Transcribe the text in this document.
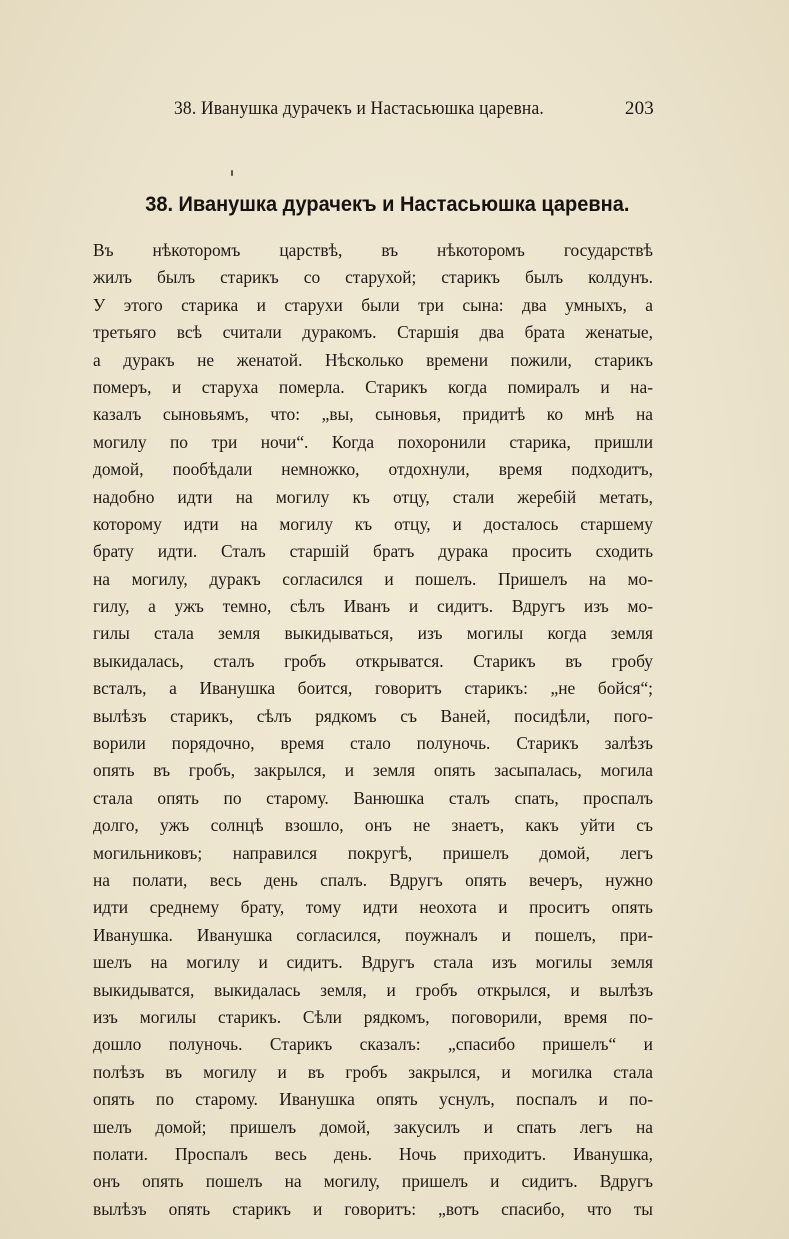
38. Иванушка дурачекъ и Настасьюшка царевна.	203
38. Иванушка дурачекъ и Настасьюшка царевна.
Въ нѣкоторомъ царствѣ, въ нѣкоторомъ государствѣ
жилъ былъ старикъ со старухой; старикъ былъ колдунъ.
У этого старика и старухи были три сына: два умныхъ, а
третьяго всѣ считали дуракомъ. Старшія два брата женатые,
а дуракъ не женатой. Нѣсколько времени пожили, старикъ
померъ, и старуха померла. Старикъ когда помиралъ и на-
казалъ сыновьямъ, что: „вы, сыновья, придитѣ ко мнѣ на
могилу по три ночи“. Когда похоронили старика, пришли
домой, пообѣдали немножко, отдохнули, время подходитъ,
надобно идти на могилу къ отцу, стали жеребій метать,
которому идти на могилу къ отцу, и досталось старшему
брату идти. Сталъ старшій братъ дурака просить сходить
на могилу, дуракъ согласился и пошелъ. Пришелъ на мо-
гилу, а ужъ темно, сѣлъ Иванъ и сидитъ. Вдругъ изъ мо-
гилы стала земля выкидываться, изъ могилы когда земля
выкидалась, сталъ гробъ открыватся. Старикъ въ гробу
всталъ, а Иванушка боится, говоритъ старикъ: „не бойся“;
вылѣзъ старикъ, сѣлъ рядкомъ съ Ваней, посидѣли, пого-
ворили порядочно, время стало полуночь. Старикъ залѣзъ
опять въ гробъ, закрылся, и земля опять засыпалась, могила
стала опять по старому. Ванюшка сталъ спать, проспалъ
долго, ужъ солнцѣ взошло, онъ не знаетъ, какъ уйти съ
могильниковъ; направился покругѣ, пришелъ домой, легъ
на полати, весь день спалъ. Вдругъ опять вечеръ, нужно
идти среднему брату, тому идти неохота и проситъ опять
Иванушка. Иванушка согласился, поужналъ и пошелъ, при-
шелъ на могилу и сидитъ. Вдругъ стала изъ могилы земля
выкидыватся, выкидалась земля, и гробъ открылся, и вылѣзъ
изъ могилы старикъ. Сѣли рядкомъ, поговорили, время по-
дошло полуночь. Старикъ сказалъ: „спасибо пришелъ“ и
полѣзъ въ могилу и въ гробъ закрылся, и могилка стала
опять по старому. Иванушка опять уснулъ, поспалъ и по-
шелъ домой; пришелъ домой, закусилъ и спать легъ на
полати. Проспалъ весь день. Ночь приходитъ. Иванушка,
онъ опять пошелъ на могилу, пришелъ и сидитъ. Вдругъ
вылѣзъ опять старикъ и говоритъ: „вотъ спасибо, что ты
